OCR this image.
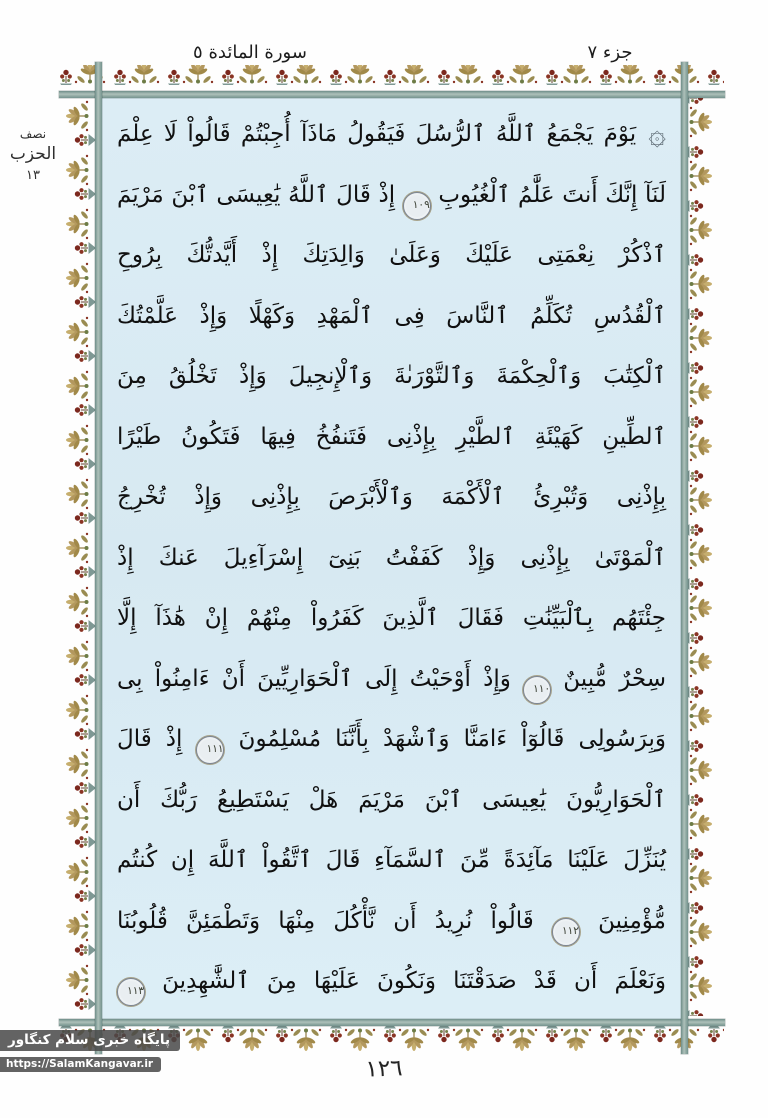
جزء ٧
سورة المائدة ٥
نصف
الحزب
١٣
۞ يَوْمَ يَجْمَعُ ٱللَّهُ ٱلرُّسُلَ فَيَقُولُ مَاذَآ أُجِبْتُمْ قَالُواْ لَا عِلْمَ
لَنَآ إِنَّكَ أَنتَ عَلَّٰمُ ٱلْغُيُوبِ ١٠٩ إِذْ قَالَ ٱللَّهُ يَٰعِيسَى ٱبْنَ مَرْيَمَ
ٱذْكُرْ نِعْمَتِى عَلَيْكَ وَعَلَىٰ وَالِدَتِكَ إِذْ أَيَّدتُّكَ بِرُوحِ
ٱلْقُدُسِ تُكَلِّمُ ٱلنَّاسَ فِى ٱلْمَهْدِ وَكَهْلًا وَإِذْ عَلَّمْتُكَ
ٱلْكِتَٰبَ وَٱلْحِكْمَةَ وَٱلتَّوْرَىٰةَ وَٱلْإِنجِيلَ وَإِذْ تَخْلُقُ مِنَ
ٱلطِّينِ كَهَيْئَةِ ٱلطَّيْرِ بِإِذْنِى فَتَنفُخُ فِيهَا فَتَكُونُ طَيْرًا
بِإِذْنِى وَتُبْرِئُ ٱلْأَكْمَهَ وَٱلْأَبْرَصَ بِإِذْنِى وَإِذْ تُخْرِجُ
ٱلْمَوْتَىٰ بِإِذْنِى وَإِذْ كَفَفْتُ بَنِىٓ إِسْرَآءِيلَ عَنكَ إِذْ
جِئْتَهُم بِٱلْبَيِّنَٰتِ فَقَالَ ٱلَّذِينَ كَفَرُواْ مِنْهُمْ إِنْ هَٰذَآ إِلَّا
سِحْرٌ مُّبِينٌ ١١٠ وَإِذْ أَوْحَيْتُ إِلَى ٱلْحَوَارِيِّينَ أَنْ ءَامِنُواْ بِى
وَبِرَسُولِى قَالُوٓاْ ءَامَنَّا وَٱشْهَدْ بِأَنَّنَا مُسْلِمُونَ ١١١ إِذْ قَالَ
ٱلْحَوَارِيُّونَ يَٰعِيسَى ٱبْنَ مَرْيَمَ هَلْ يَسْتَطِيعُ رَبُّكَ أَن
يُنَزِّلَ عَلَيْنَا مَآئِدَةً مِّنَ ٱلسَّمَآءِ قَالَ ٱتَّقُواْ ٱللَّهَ إِن كُنتُم
مُّؤْمِنِينَ ١١٢ قَالُواْ نُرِيدُ أَن نَّأْكُلَ مِنْهَا وَتَطْمَئِنَّ قُلُوبُنَا
وَنَعْلَمَ أَن قَدْ صَدَقْتَنَا وَنَكُونَ عَلَيْهَا مِنَ ٱلشَّٰهِدِينَ ١١٣
١٢٦
پایگاه خبری سلام کنگاور
https://SalamKangavar.ir
